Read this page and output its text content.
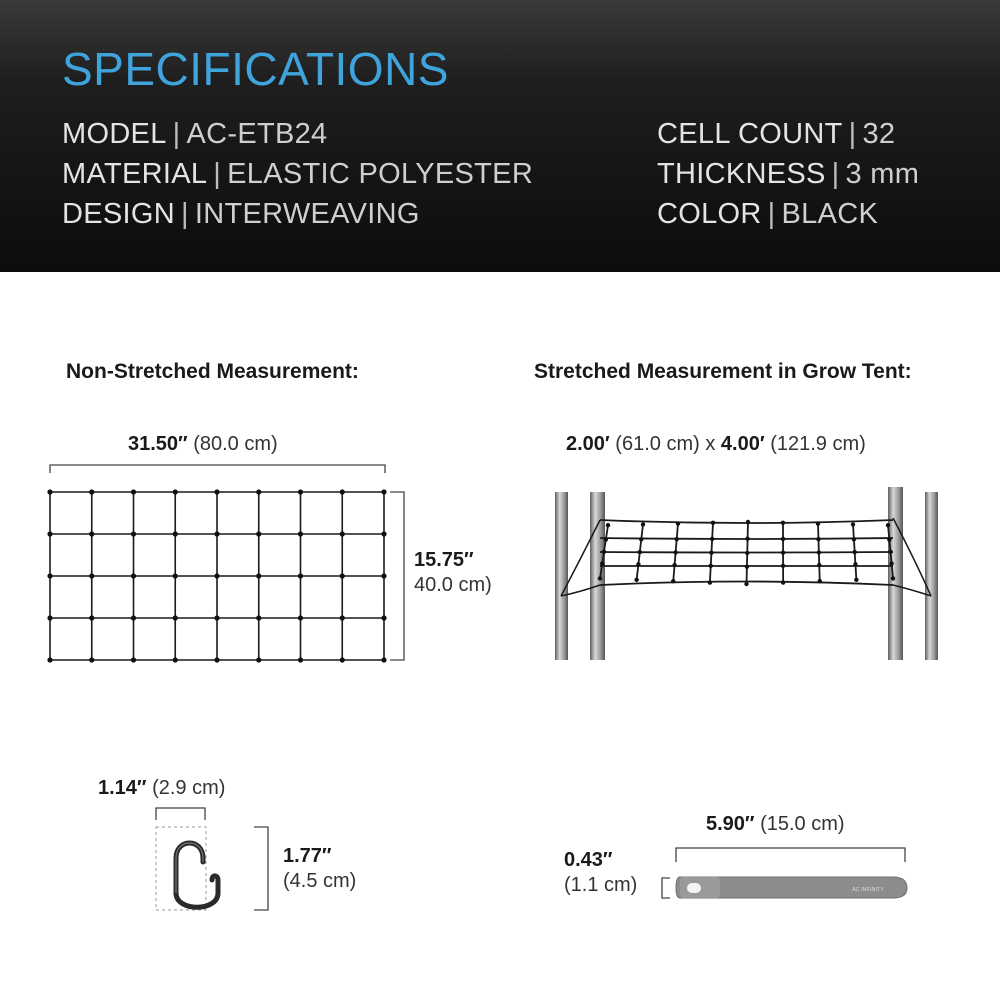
SPECIFICATIONS
MODEL | AC-ETB24
MATERIAL | ELASTIC POLYESTER
DESIGN | INTERWEAVING
CELL COUNT | 32
THICKNESS | 3 mm
COLOR | BLACK
Non-Stretched Measurement:	Stretched Measurement in Grow Tent:
31.50″ (80.0 cm)
15.75″
40.0 cm)
2.00′ (61.0 cm) x 4.00′ (121.9 cm)
1.14″ (2.9 cm)
1.77″
(4.5 cm)
5.90″ (15.0 cm)
0.43″
(1.1 cm)	AC INFINITY
